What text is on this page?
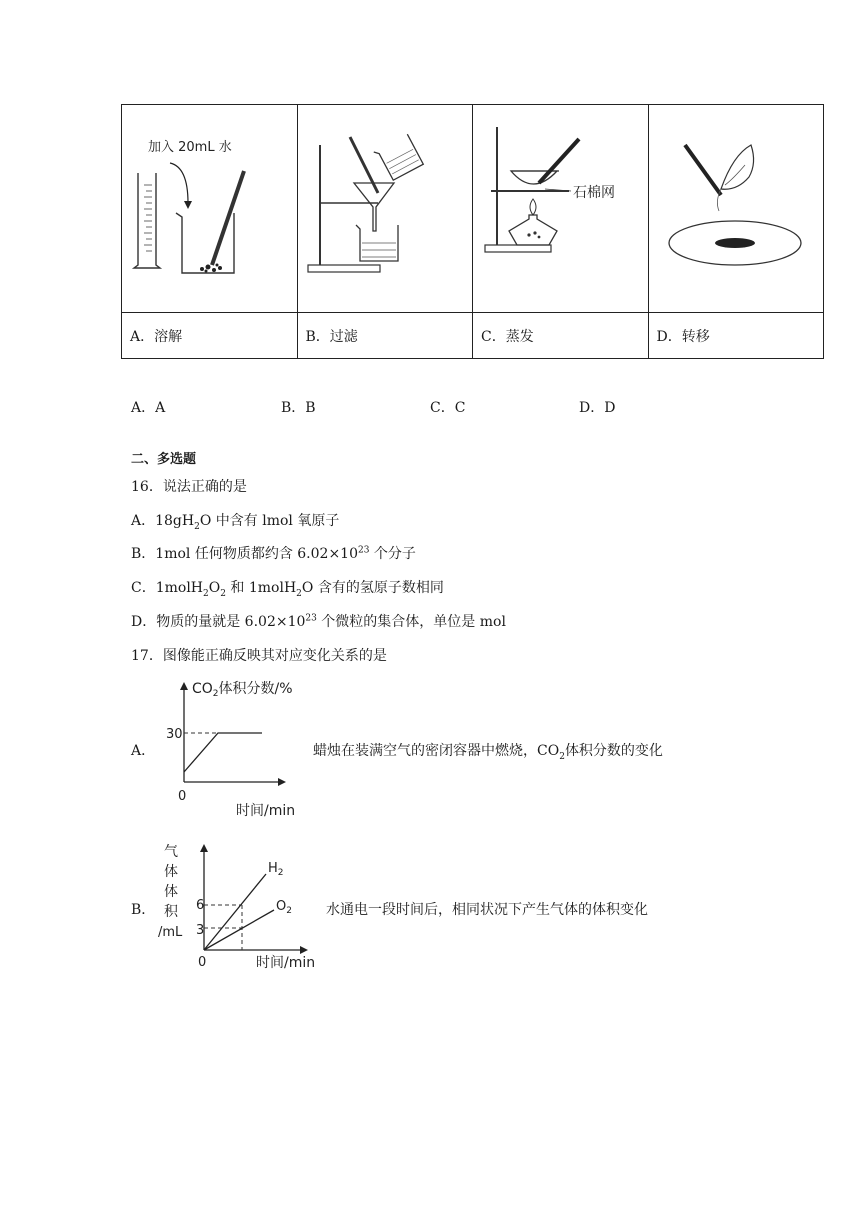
加入 20mL 水		石棉网

A．溶解	B．过滤	C．蒸发	D．转移
A．A	B．B	C．C	D．D
二、多选题
16．说法正确的是
A．$18gH_2O$ 中含有 lmol 氧原子
B．1mol 任何物质都约含 $6.02\times 10^{23}$ 个分子
C．$1molH_2O_2$ 和 1molH$_2$O 含有的氢原子数相同
D．物质的量就是 $6.02\times 10^{23}$ 个微粒的集合体，单位是 mol
17．图像能正确反映其对应变化关系的是
A．
$CO_2$体积分数/%
30
0
时间/min
蜡烛在装满空气的密闭容器中燃烧，$CO_2$体积分数的变化
B．
气
体
体
积
/mL
6
3
0	时间/min
$H_2$
$O_2$ 水通电一段时间后，相同状况下产生气体的体积变化
